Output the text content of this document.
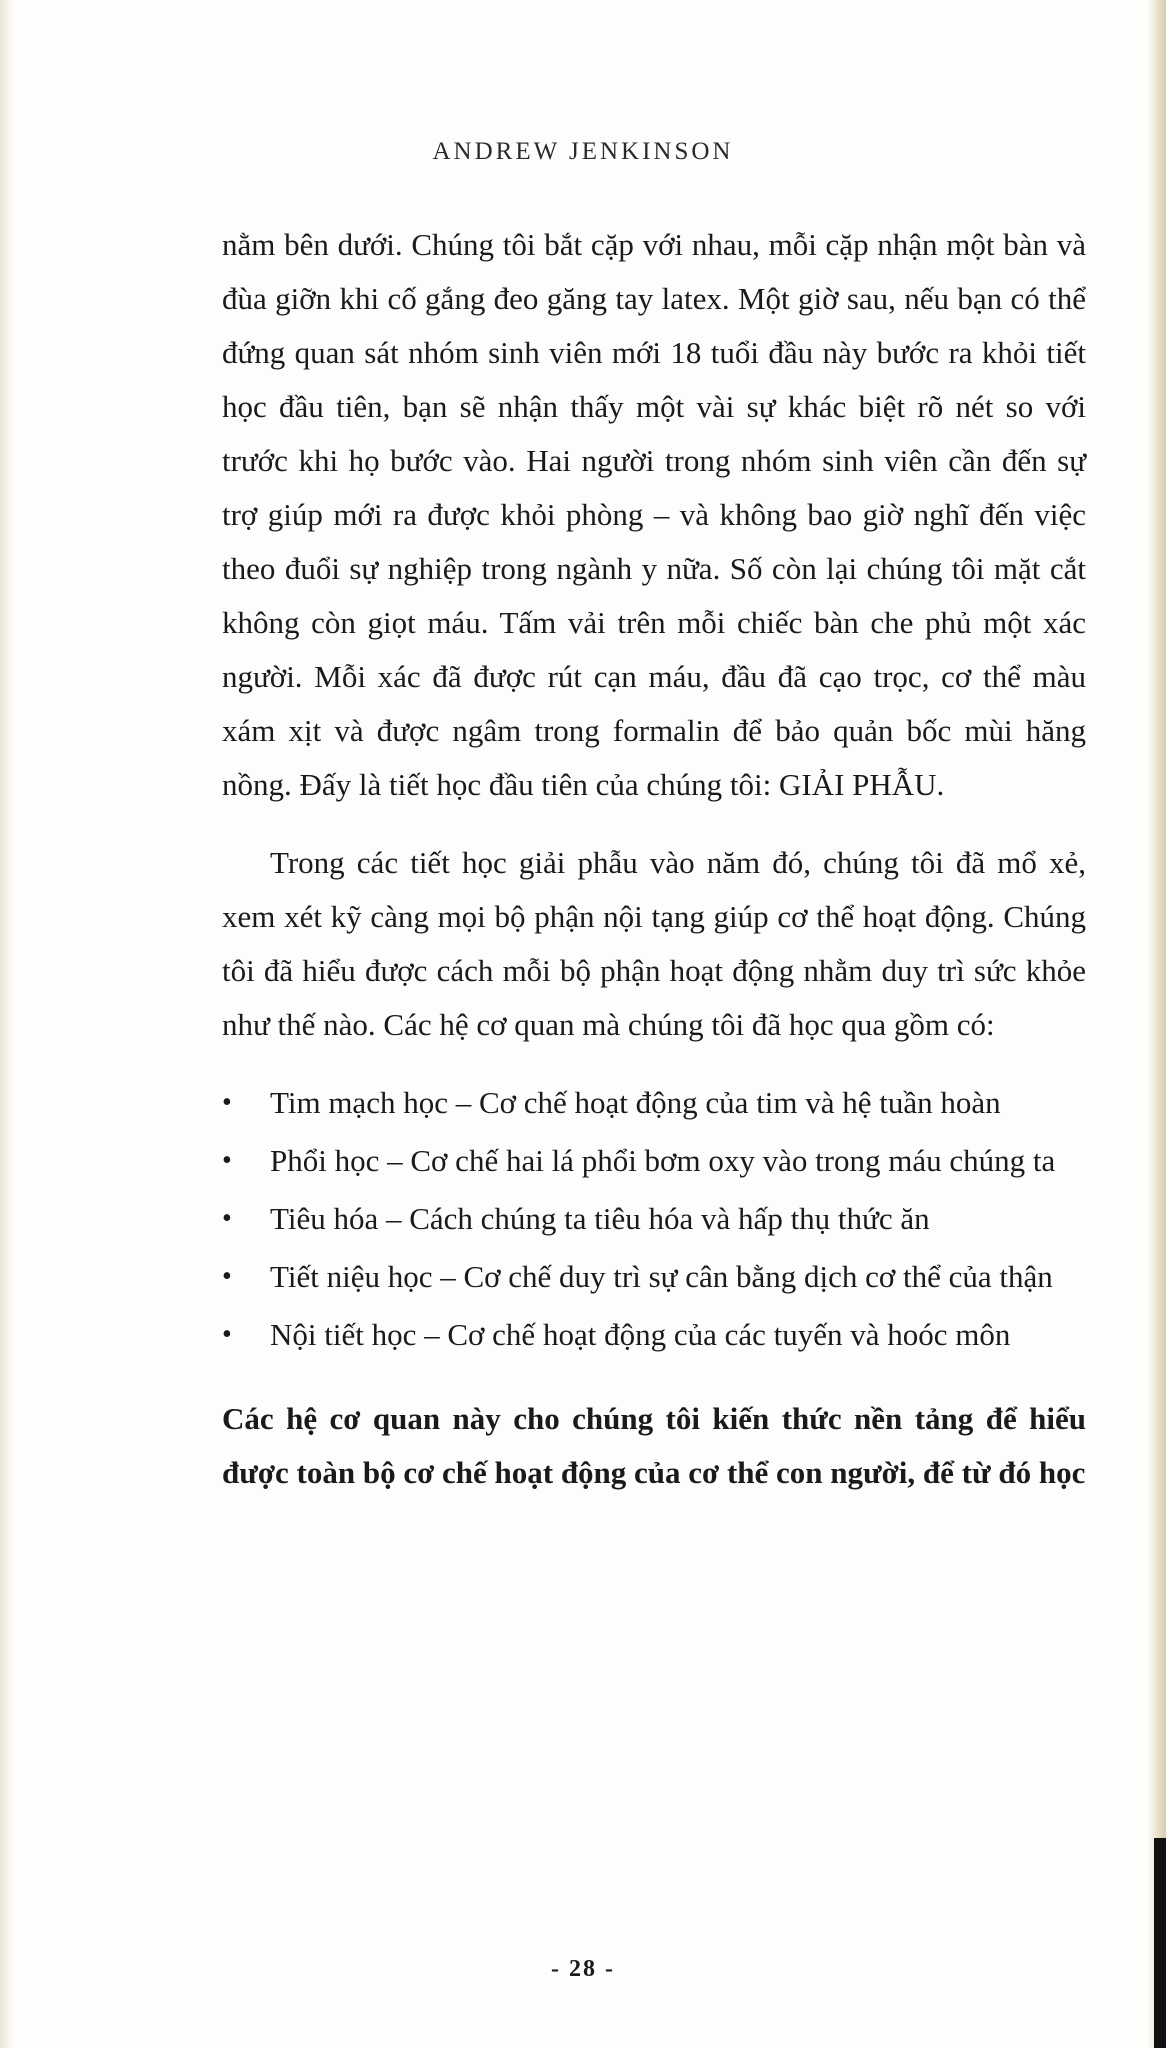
ANDREW JENKINSON

nằm bên dưới. Chúng tôi bắt cặp với nhau, mỗi cặp nhận một bàn và đùa giỡn khi cố gắng đeo găng tay latex. Một giờ sau, nếu bạn có thể đứng quan sát nhóm sinh viên mới 18 tuổi đầu này bước ra khỏi tiết học đầu tiên, bạn sẽ nhận thấy một vài sự khác biệt rõ nét so với trước khi họ bước vào. Hai người trong nhóm sinh viên cần đến sự trợ giúp mới ra được khỏi phòng – và không bao giờ nghĩ đến việc theo đuổi sự nghiệp trong ngành y nữa. Số còn lại chúng tôi mặt cắt không còn giọt máu. Tấm vải trên mỗi chiếc bàn che phủ một xác người. Mỗi xác đã được rút cạn máu, đầu đã cạo trọc, cơ thể màu xám xịt và được ngâm trong formalin để bảo quản bốc mùi hăng nồng. Đấy là tiết học đầu tiên của chúng tôi: GIẢI PHẪU.

Trong các tiết học giải phẫu vào năm đó, chúng tôi đã mổ xẻ, xem xét kỹ càng mọi bộ phận nội tạng giúp cơ thể hoạt động. Chúng tôi đã hiểu được cách mỗi bộ phận hoạt động nhằm duy trì sức khỏe như thế nào. Các hệ cơ quan mà chúng tôi đã học qua gồm có:

•	Tim mạch học – Cơ chế hoạt động của tim và hệ tuần hoàn
•	Phổi học – Cơ chế hai lá phổi bơm oxy vào trong máu chúng ta
•	Tiêu hóa – Cách chúng ta tiêu hóa và hấp thụ thức ăn
•	Tiết niệu học – Cơ chế duy trì sự cân bằng dịch cơ thể của thận
•	Nội tiết học – Cơ chế hoạt động của các tuyến và hoóc môn

Các hệ cơ quan này cho chúng tôi kiến thức nền tảng để hiểu được toàn bộ cơ chế hoạt động của cơ thể con người, để từ đó học

- 28 -
